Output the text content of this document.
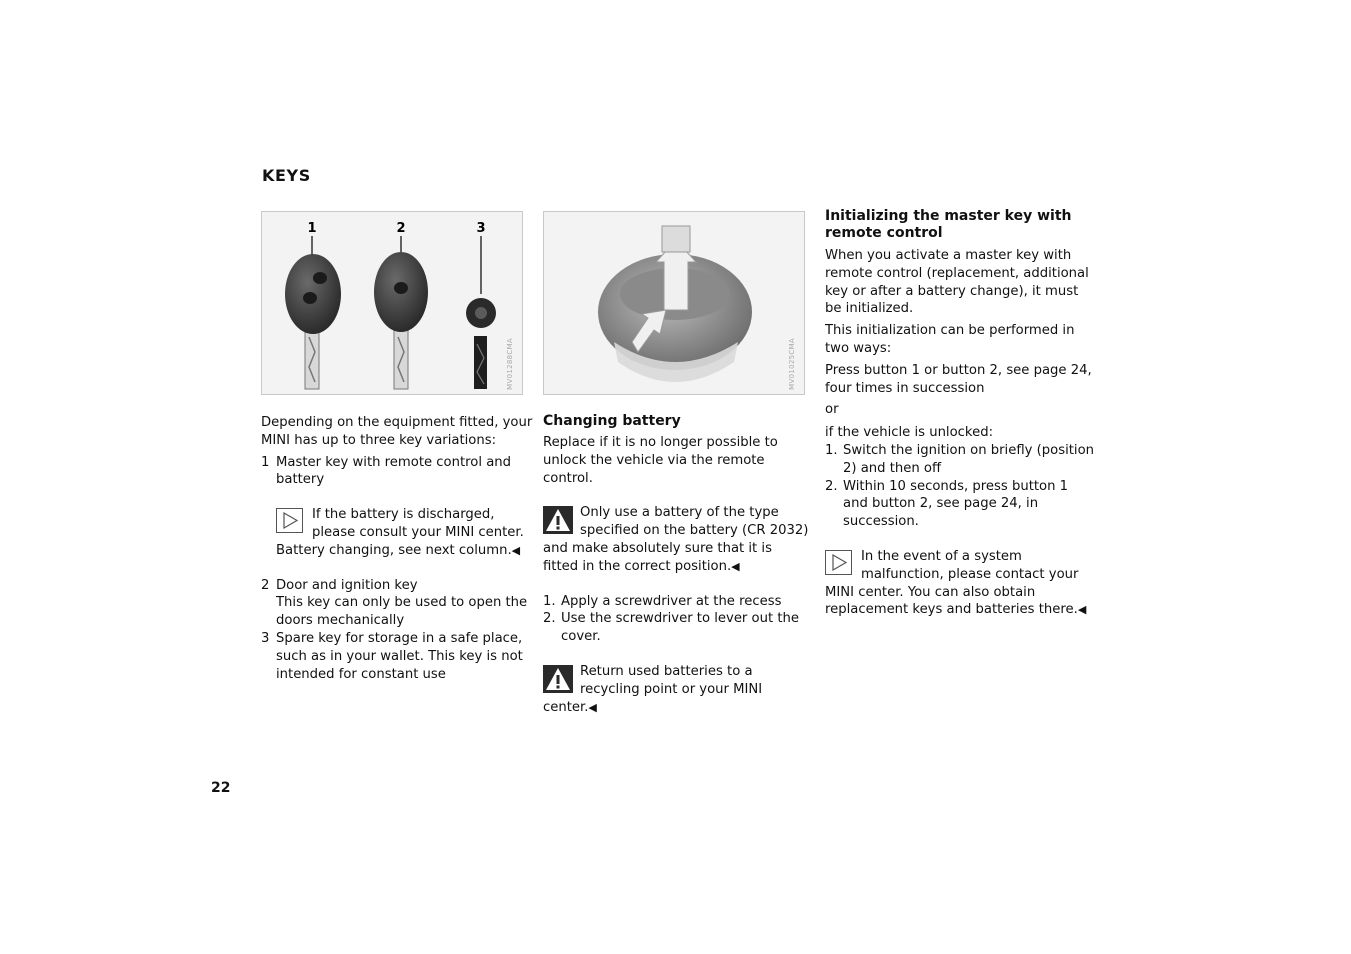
KEYS
1	2	3
MV01288CMA	MV01025CMA

Depending on the equipment fitted, your MINI has up to three key variations:

1 Master key with remote control and battery
If the battery is discharged, please consult your MINI center. Battery changing, see next column.◀
2 Door and ignition key
This key can only be used to open the doors mechanically
3 Spare key for storage in a safe place, such as in your wallet. This key is not intended for constant use
Changing battery

Replace if it is no longer possible to unlock the vehicle via the remote control.

Only use a battery of the type specified on the battery (CR 2032) and make absolutely sure that it is fitted in the correct position.◀
1. Apply a screwdriver at the recess
2. Use the screwdriver to lever out the cover.
Return used batteries to a recycling point or your MINI center.◀
Initializing the master key with remote control

When you activate a master key with remote control (replacement, additional key or after a battery change), it must be initialized.

This initialization can be performed in two ways:

Press button 1 or button 2, see page 24, four times in succession

or

if the vehicle is unlocked:

1. Switch the ignition on briefly (position 2) and then off
2. Within 10 seconds, press button 1 and button 2, see page 24, in succession.
In the event of a system malfunction, please contact your MINI center. You can also obtain replacement keys and batteries there.◀
22
